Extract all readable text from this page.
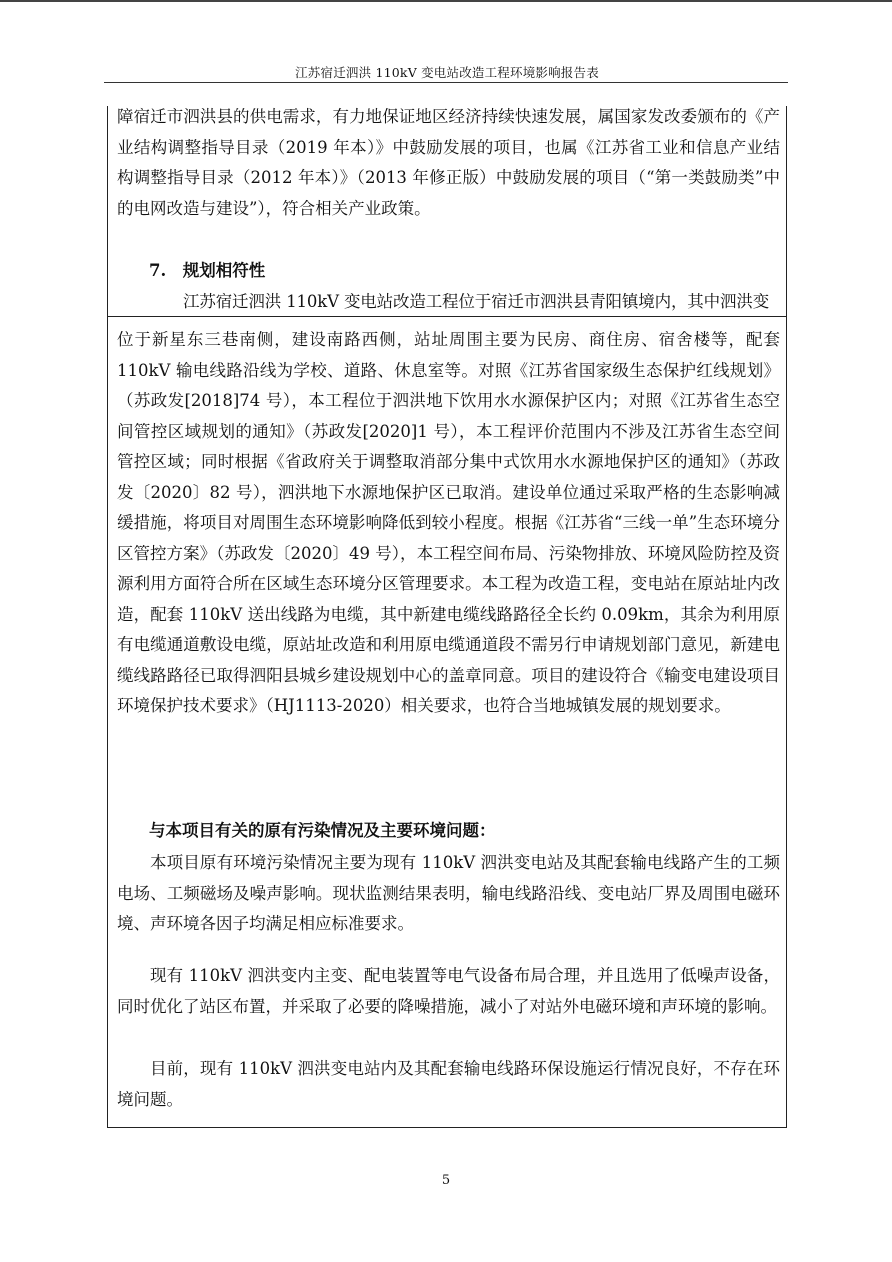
江苏宿迁泗洪 110kV 变电站改造工程环境影响报告表

障宿迁市泗洪县的供电需求，有力地保证地区经济持续快速发展，属国家发改委颁布的《产业结构调整指导目录（2019 年本）》中鼓励发展的项目，也属《江苏省工业和信息产业结构调整指导目录（2012 年本）》（2013 年修正版）中鼓励发展的项目（“第一类鼓励类”中的电网改造与建设”），符合相关产业政策。

7.　规划相符性
江苏宿迁泗洪 110kV 变电站改造工程位于宿迁市泗洪县青阳镇境内，其中泗洪变

位于新星东三巷南侧，建设南路西侧，站址周围主要为民房、商住房、宿舍楼等，配套 110kV 输电线路沿线为学校、道路、休息室等。对照《江苏省国家级生态保护红线规划》（苏政发[2018]74 号），本工程位于泗洪地下饮用水水源保护区内；对照《江苏省生态空间管控区域规划的通知》（苏政发[2020]1 号），本工程评价范围内不涉及江苏省生态空间管控区域；同时根据《省政府关于调整取消部分集中式饮用水水源地保护区的通知》（苏政发〔2020〕82 号），泗洪地下水源地保护区已取消。建设单位通过采取严格的生态影响减缓措施，将项目对周围生态环境影响降低到较小程度。根据《江苏省“三线一单”生态环境分区管控方案》（苏政发〔2020〕49 号），本工程空间布局、污染物排放、环境风险防控及资源利用方面符合所在区域生态环境分区管理要求。本工程为改造工程，变电站在原站址内改造，配套 110kV 送出线路为电缆，其中新建电缆线路路径全长约 0.09km，其余为利用原有电缆通道敷设电缆，原站址改造和利用原电缆通道段不需另行申请规划部门意见，新建电缆线路路径已取得泗阳县城乡建设规划中心的盖章同意。项目的建设符合《输变电建设项目环境保护技术要求》（HJ1113-2020）相关要求，也符合当地城镇发展的规划要求。

与本项目有关的原有污染情况及主要环境问题：

本项目原有环境污染情况主要为现有 110kV 泗洪变电站及其配套输电线路产生的工频电场、工频磁场及噪声影响。现状监测结果表明，输电线路沿线、变电站厂界及周围电磁环境、声环境各因子均满足相应标准要求。

现有 110kV 泗洪变内主变、配电装置等电气设备布局合理，并且选用了低噪声设备，同时优化了站区布置，并采取了必要的降噪措施，减小了对站外电磁环境和声环境的影响。

目前，现有 110kV 泗洪变电站内及其配套输电线路环保设施运行情况良好，不存在环境问题。

5
